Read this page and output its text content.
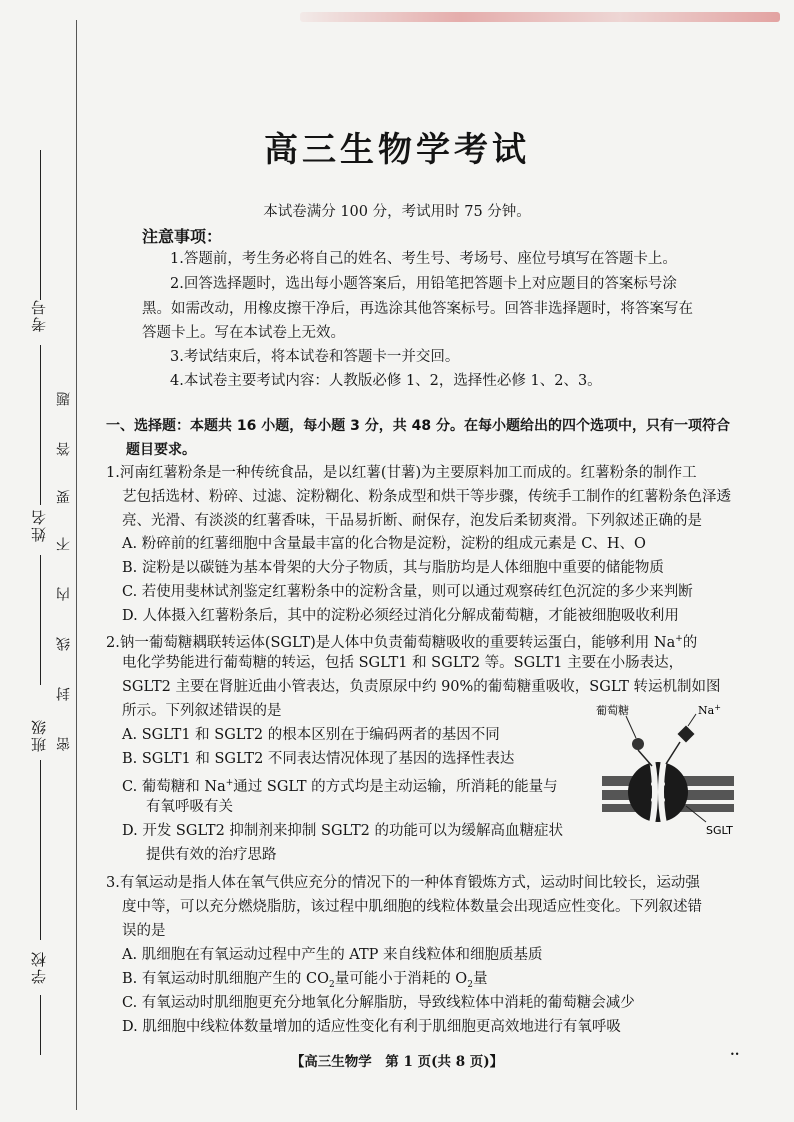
考号
姓名
班级
学校
题
答
要
不
内
线
封
密
高三生物学考试
本试卷满分 100 分，考试用时 75 分钟。
注意事项：
1.答题前，考生务必将自己的姓名、考生号、考场号、座位号填写在答题卡上。
2.回答选择题时，选出每小题答案后，用铅笔把答题卡上对应题目的答案标号涂
黑。如需改动，用橡皮擦干净后，再选涂其他答案标号。回答非选择题时，将答案写在
答题卡上。写在本试卷上无效。
3.考试结束后，将本试卷和答题卡一并交回。
4.本试卷主要考试内容：人教版必修 1、2，选择性必修 1、2、3。
一、选择题：本题共 16 小题，每小题 3 分，共 48 分。在每小题给出的四个选项中，只有一项符合
题目要求。
1.河南红薯粉条是一种传统食品，是以红薯(甘薯)为主要原料加工而成的。红薯粉条的制作工
艺包括选材、粉碎、过滤、淀粉糊化、粉条成型和烘干等步骤，传统手工制作的红薯粉条色泽透
亮、光滑、有淡淡的红薯香味，干品易折断、耐保存，泡发后柔韧爽滑。下列叙述正确的是
A. 粉碎前的红薯细胞中含量最丰富的化合物是淀粉，淀粉的组成元素是 C、H、O
B. 淀粉是以碳链为基本骨架的大分子物质，其与脂肪均是人体细胞中重要的储能物质
C. 若使用斐林试剂鉴定红薯粉条中的淀粉含量，则可以通过观察砖红色沉淀的多少来判断
D. 人体摄入红薯粉条后，其中的淀粉必须经过消化分解成葡萄糖，才能被细胞吸收利用
2.钠一葡萄糖耦联转运体(SGLT)是人体中负责葡萄糖吸收的重要转运蛋白，能够利用 Na+的
电化学势能进行葡萄糖的转运，包括 SGLT1 和 SGLT2 等。SGLT1 主要在小肠表达，
SGLT2 主要在肾脏近曲小管表达，负责原尿中约 90%的葡萄糖重吸收，SGLT 转运机制如图
所示。下列叙述错误的是
A. SGLT1 和 SGLT2 的根本区别在于编码两者的基因不同
B. SGLT1 和 SGLT2 不同表达情况体现了基因的选择性表达
C. 葡萄糖和 Na+通过 SGLT 的方式均是主动运输，所消耗的能量与
有氧呼吸有关
D. 开发 SGLT2 抑制剂来抑制 SGLT2 的功能可以为缓解高血糖症状
提供有效的治疗思路
葡萄糖	Na+
SGLT
3.有氧运动是指人体在氧气供应充分的情况下的一种体育锻炼方式，运动时间比较长，运动强
度中等，可以充分燃烧脂肪，该过程中肌细胞的线粒体数量会出现适应性变化。下列叙述错
误的是
A. 肌细胞在有氧运动过程中产生的 ATP 来自线粒体和细胞质基质
B. 有氧运动时肌细胞产生的 $CO_2$量可能小于消耗的 $O_2$量
C. 有氧运动时肌细胞更充分地氧化分解脂肪，导致线粒体中消耗的葡萄糖会减少
D. 肌细胞中线粒体数量增加的适应性变化有利于肌细胞更高效地进行有氧呼吸
【高三生物学　第 1 页(共 8 页)】	••
